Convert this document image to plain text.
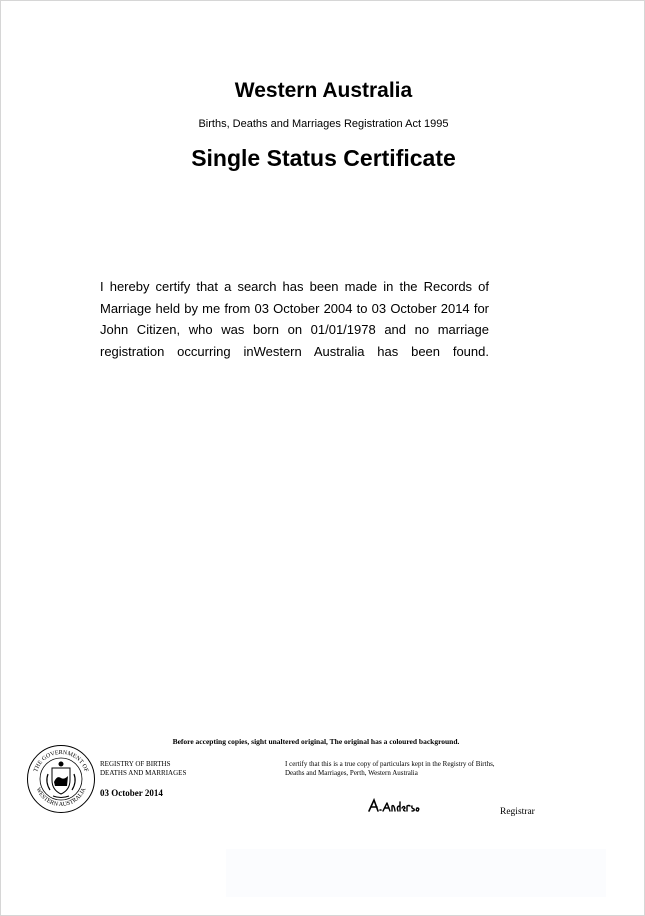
Western Australia
Births, Deaths and Marriages Registration Act 1995
Single Status Certificate
I hereby certify that a search has been made in the Records of
Marriage held by me from 03 October 2004 to 03 October 2014 for
John Citizen, who was born on 01/01/1978 and no marriage
registration occurring inWestern Australia has been found.
Before accepting copies, sight unaltered original, The original has a coloured background.
THE GOVERNMENT OF
WESTERN AUSTRALIA
REGISTRY OF BIRTHS
DEATHS AND MARRIAGES
03 October 2014
I certify that this is a true copy of particulars kept in the Registry of Births,
Deaths and Marriages, Perth, Western Australia
Registrar
